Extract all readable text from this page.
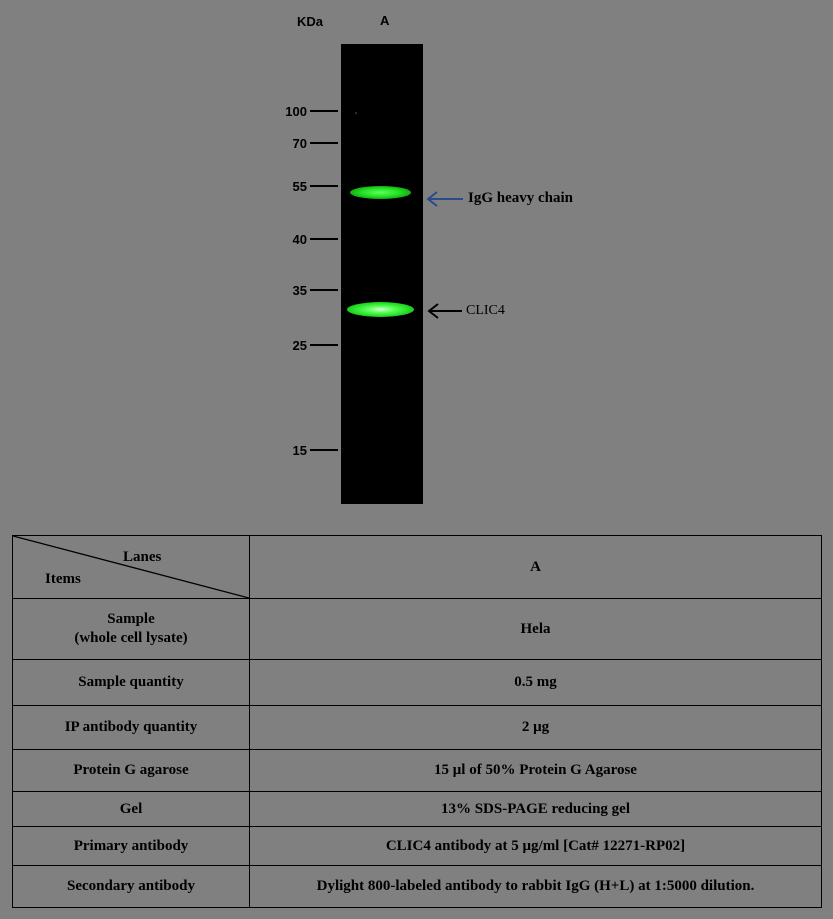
KDa	A
100
70
55
40
35
25
15
IgG heavy chain
CLIC4
Lanes
Items	A

Sample
(whole cell lysate)	Hela
Sample quantity	0.5 mg
IP antibody quantity	2 μg
Protein G agarose	15 μl of 50% Protein G Agarose
Gel	13% SDS-PAGE reducing gel
Primary antibody	CLIC4 antibody at 5 μg/ml [Cat# 12271-RP02]
Secondary antibody	Dylight 800-labeled antibody to rabbit IgG (H+L) at 1:5000 dilution.
